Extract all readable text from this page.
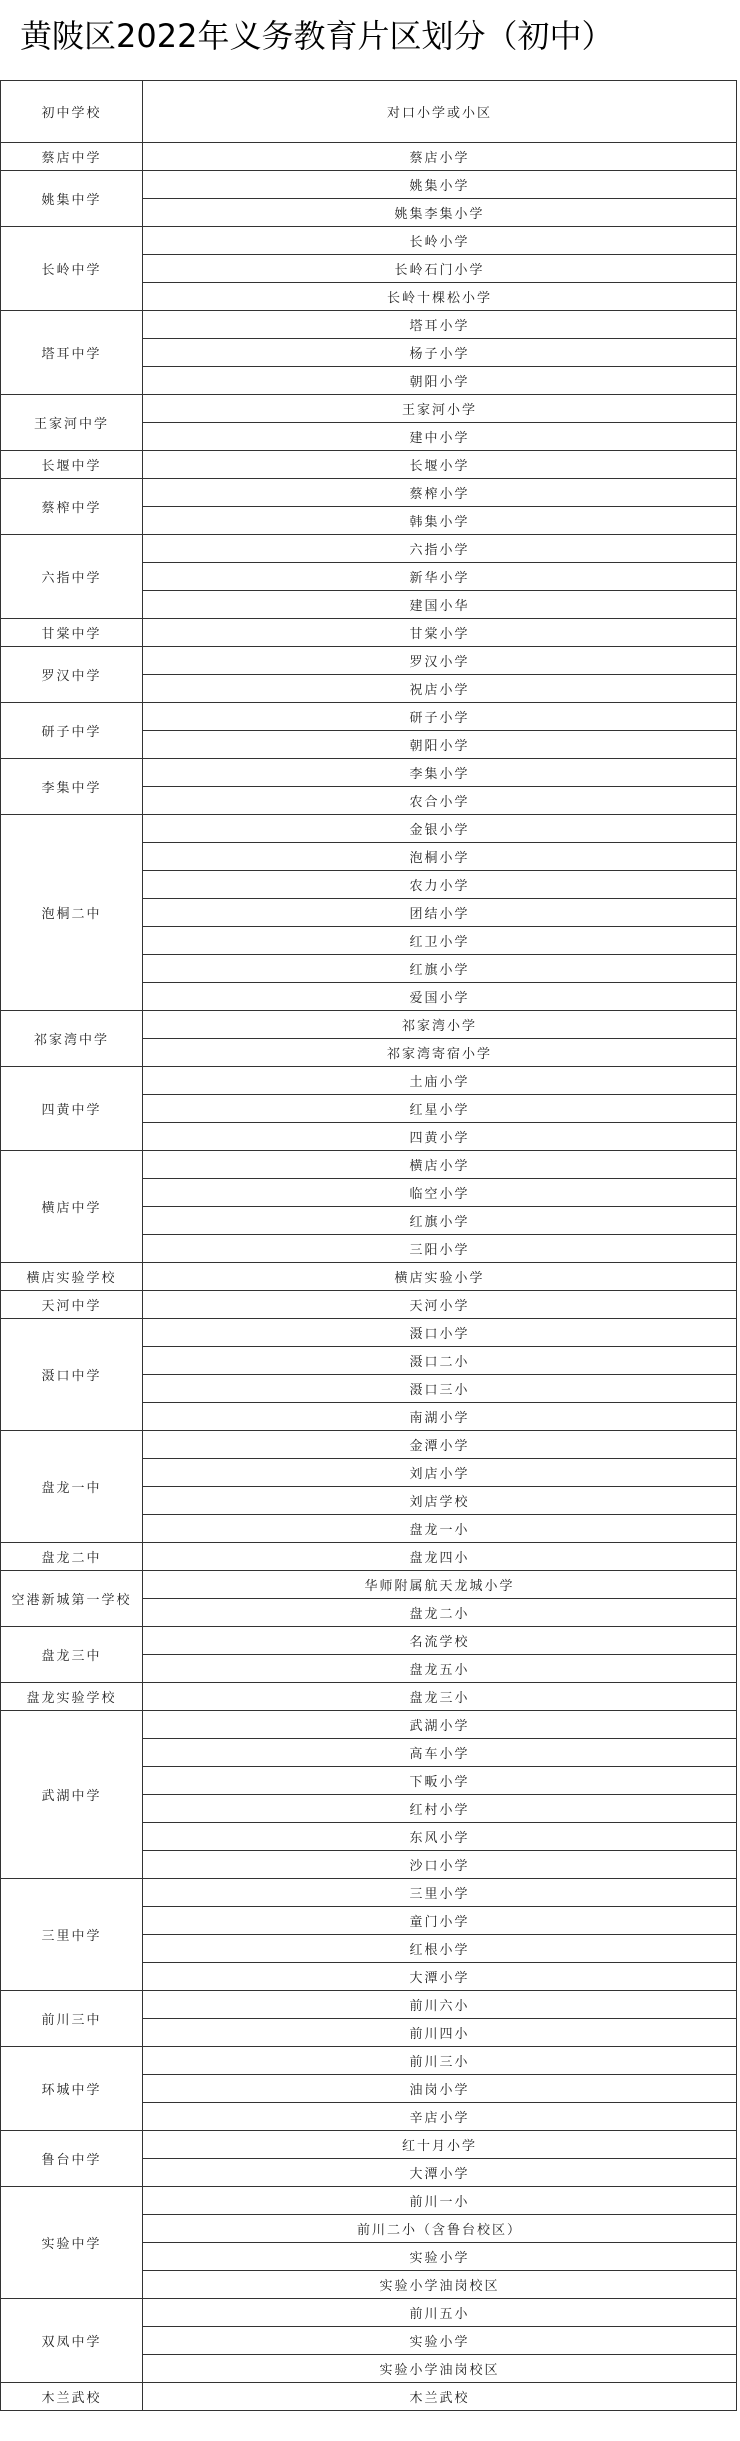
黄陂区2022年义务教育片区划分（初中）
初中学校	对口小学或小区
蔡店中学	蔡店小学
姚集中学	姚集小学
	姚集李集小学
长岭中学	长岭小学
	长岭石门小学
	长岭十棵松小学
塔耳中学	塔耳小学
	杨子小学
	朝阳小学
王家河中学	王家河小学
	建中小学
长堰中学	长堰小学
蔡榨中学	蔡榨小学
	韩集小学
六指中学	六指小学
	新华小学
	建国小华
甘棠中学	甘棠小学
罗汉中学	罗汉小学
	祝店小学
研子中学	研子小学
	朝阳小学
李集中学	李集小学
	农合小学
泡桐二中	金银小学
	泡桐小学
	农力小学
	团结小学
	红卫小学
	红旗小学
	爱国小学
祁家湾中学	祁家湾小学
	祁家湾寄宿小学
四黄中学	土庙小学
	红星小学
	四黄小学
横店中学	横店小学
	临空小学
	红旗小学
	三阳小学
横店实验学校	横店实验小学
天河中学	天河小学
滠口中学	滠口小学
	滠口二小
	滠口三小
	南湖小学
盘龙一中	金潭小学
	刘店小学
	刘店学校
	盘龙一小
盘龙二中	盘龙四小
空港新城第一学校	华师附属航天龙城小学
	盘龙二小
盘龙三中	名流学校
	盘龙五小
盘龙实验学校	盘龙三小
武湖中学	武湖小学
	高车小学
	下畈小学
	红村小学
	东风小学
	沙口小学
三里中学	三里小学
	童门小学
	红根小学
	大潭小学
前川三中	前川六小
	前川四小
环城中学	前川三小
	油岗小学
	辛店小学
鲁台中学	红十月小学
	大潭小学
实验中学	前川一小
	前川二小（含鲁台校区）
	实验小学
	实验小学油岗校区
双凤中学	前川五小
	实验小学
	实验小学油岗校区
木兰武校	木兰武校
